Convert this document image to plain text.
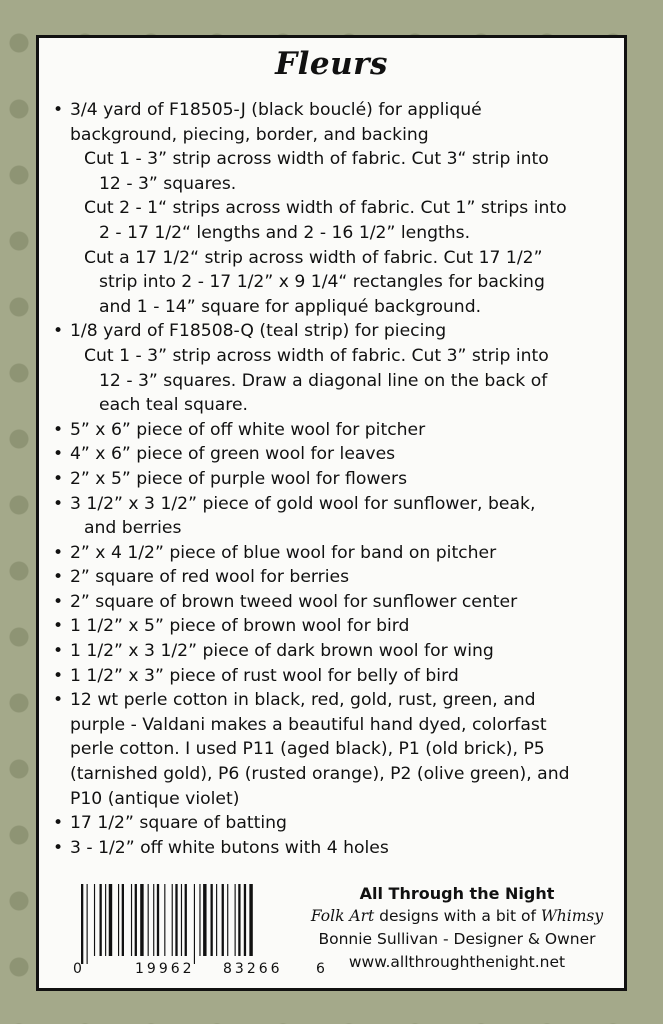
Fleurs
• 3/4 yard of F18505-J (black bouclé) for appliqué
background, piecing, border, and backing
Cut 1 - 3” strip across width of fabric. Cut 3“ strip into
12 - 3” squares.
Cut 2 - 1“ strips across width of fabric. Cut 1” strips into
2 - 17 1/2“ lengths and 2 - 16 1/2” lengths.
Cut a 17 1/2“ strip across width of fabric. Cut 17 1/2”
strip into 2 - 17 1/2” x 9 1/4“ rectangles for backing
and 1 - 14” square for appliqué background.
• 1/8 yard of F18508-Q (teal strip) for piecing
Cut 1 - 3” strip across width of fabric. Cut 3” strip into
12 - 3” squares. Draw a diagonal line on the back of
each teal square.
• 5” x 6” piece of off white wool for pitcher
• 4” x 6” piece of green wool for leaves
• 2” x 5” piece of purple wool for flowers
• 3 1/2” x 3 1/2” piece of gold wool for sunflower, beak,
and berries
• 2” x 4 1/2” piece of blue wool for band on pitcher
• 2” square of red wool for berries
• 2” square of brown tweed wool for sunflower center
• 1 1/2” x 5” piece of brown wool for bird
• 1 1/2” x 3 1/2” piece of dark brown wool for wing
• 1 1/2” x 3” piece of rust wool for belly of bird
• 12 wt perle cotton in black, red, gold, rust, green, and
purple - Valdani makes a beautiful hand dyed, colorfast
perle cotton. I used P11 (aged black), P1 (old brick), P5
(tarnished gold), P6 (rusted orange), P2 (olive green), and
P10 (antique violet)
• 17 1/2” square of batting
• 3 - 1/2” off white butons with 4 holes
0	19962 83266 6
All Through the Night
Folk Art designs with a bit of Whimsy
Bonnie Sullivan - Designer & Owner
www.allthroughthenight.net
